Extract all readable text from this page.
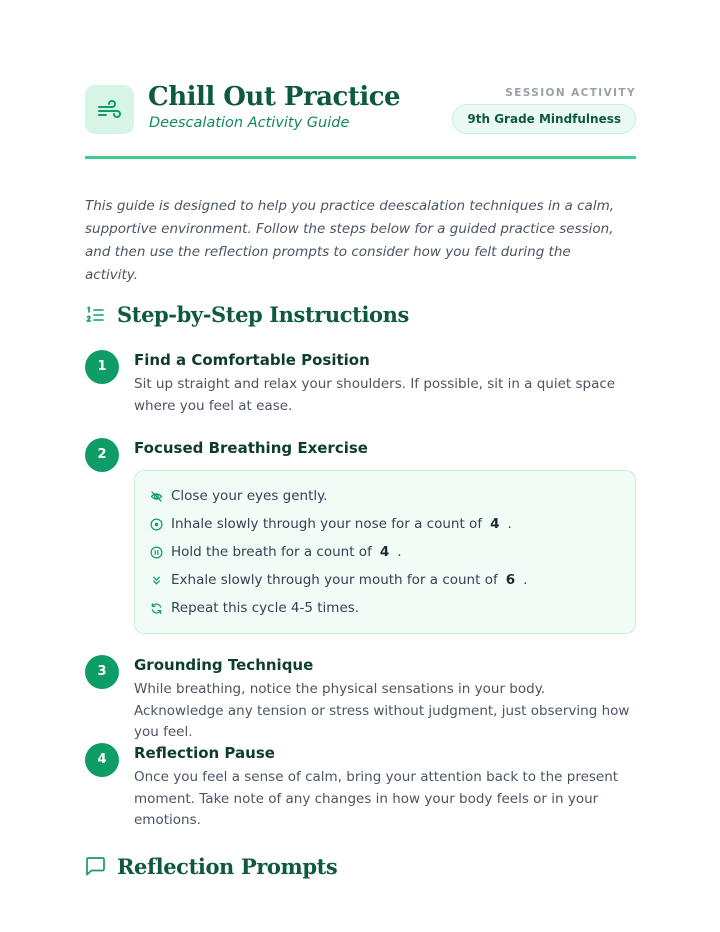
Chill Out Practice
Deescalation Activity Guide
SESSION ACTIVITY
9th Grade Mindfulness

This guide is designed to help you practice deescalation techniques in a calm, supportive environment. Follow the steps below for a guided practice session, and then use the reflection prompts to consider how you felt during the activity.

Step-by-Step Instructions
1	Find a Comfortable Position
Sit up straight and relax your shoulders. If possible, sit in a quiet space where you feel at ease.
2	Focused Breathing Exercise
Close your eyes gently.
Inhale slowly through your nose for a count of 4 .
Hold the breath for a count of 4 .
Exhale slowly through your mouth for a count of 6 .
Repeat this cycle 4-5 times.
3	Grounding Technique
While breathing, notice the physical sensations in your body. Acknowledge any tension or stress without judgment, just observing how you feel.
4	Reflection Pause
Once you feel a sense of calm, bring your attention back to the present moment. Take note of any changes in how your body feels or in your emotions.
Reflection Prompts
